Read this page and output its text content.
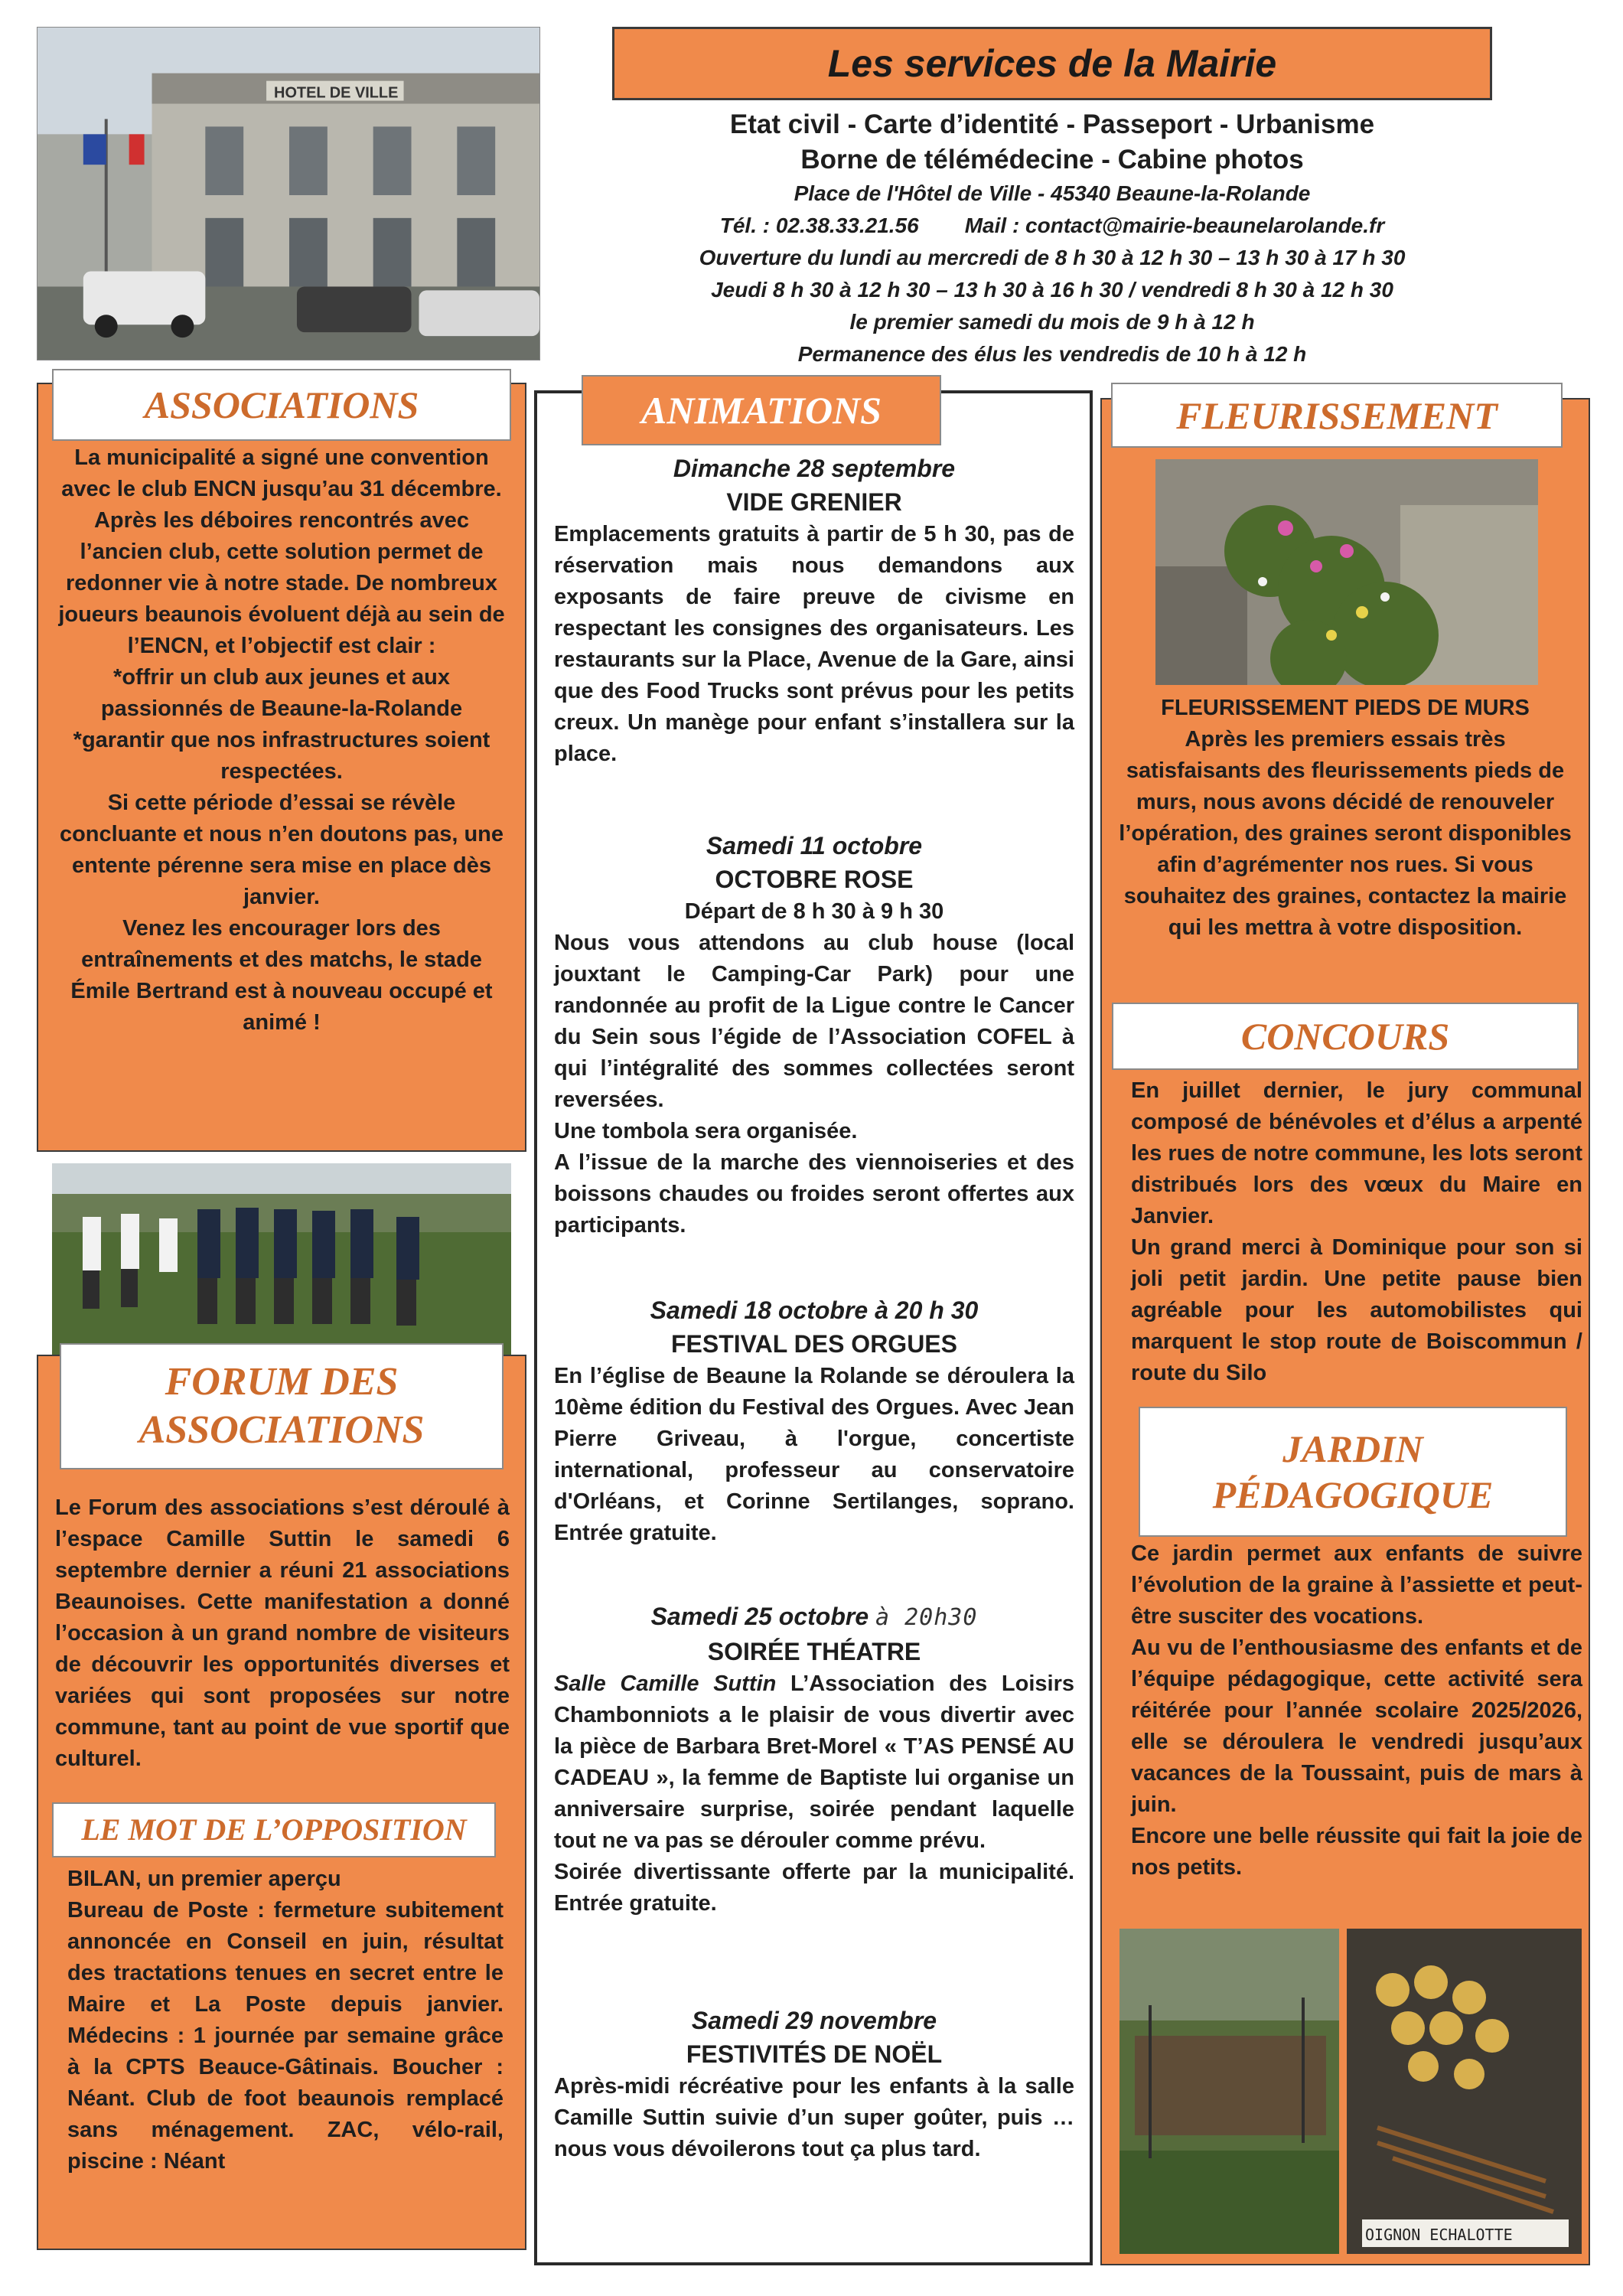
HOTEL DE VILLE
Les services de la Mairie
Etat civil - Carte d’identité - Passeport - Urbanisme
Borne de télémédecine - Cabine photos
Place de l'Hôtel de Ville - 45340 Beaune-la-Rolande
Tél. : 02.38.33.21.56 Mail : contact@mairie-beaunelarolande.fr
Ouverture du lundi au mercredi de 8 h 30 à 12 h 30 – 13 h 30 à 17 h 30
Jeudi 8 h 30 à 12 h 30 – 13 h 30 à 16 h 30 / vendredi 8 h 30 à 12 h 30
le premier samedi du mois de 9 h à 12 h
Permanence des élus les vendredis de 10 h à 12 h
ASSOCIATIONS

La municipalité a signé une convention avec le club ENCN jusqu’au 31 décembre.

Après les déboires rencontrés avec l’ancien club, cette solution permet de redonner vie à notre stade. De nombreux joueurs beaunois évoluent déjà au sein de l’ENCN, et l’objectif est clair :

*offrir un club aux jeunes et aux passionnés de Beaune-la-Rolande

*garantir que nos infrastructures soient respectées.

Si cette période d’essai se révèle concluante et nous n’en doutons pas, une entente pérenne sera mise en place dès janvier.

Venez les encourager lors des entraînements et des matchs, le stade Émile Bertrand est à nouveau occupé et animé !

FORUM DES
ASSOCIATIONS

Le Forum des associations s’est déroulé à l’espace Camille Suttin le samedi 6 septembre dernier a réuni 21 associations Beaunoises. Cette manifestation a donné l’occasion à un grand nombre de visiteurs de découvrir les opportunités diverses et variées qui sont proposées sur notre commune, tant au point de vue sportif que culturel.

LE MOT DE L’OPPOSITION

BILAN, un premier aperçu

Bureau de Poste : fermeture subitement annoncée en Conseil en juin, résultat des tractations tenues en secret entre le Maire et La Poste depuis janvier. Médecins : 1 journée par semaine grâce à la CPTS Beauce-Gâtinais. Boucher : Néant. Club de foot beaunois remplacé sans ménagement. ZAC, vélo-rail, piscine : Néant

ANIMATIONS
Dimanche 28 septembre
VIDE GRENIER

Emplacements gratuits à partir de 5 h 30, pas de réservation mais nous demandons aux exposants de faire preuve de civisme en respectant les consignes des organisateurs. Les restaurants sur la Place, Avenue de la Gare, ainsi que des Food Trucks sont prévus pour les petits creux. Un manège pour enfant s’installera sur la place.

Samedi 11 octobre
OCTOBRE ROSE
Départ de 8 h 30 à 9 h 30

Nous vous attendons au club house (local jouxtant le Camping-Car Park) pour une randonnée au profit de la Ligue contre le Cancer du Sein sous l’égide de l’Association COFEL à qui l’intégralité des sommes collectées seront reversées.

Une tombola sera organisée.

A l’issue de la marche des viennoiseries et des boissons chaudes ou froides seront offertes aux participants.

Samedi 18 octobre à 20 h 30
FESTIVAL DES ORGUES

En l’église de Beaune la Rolande se déroulera la 10ème édition du Festival des Orgues. Avec Jean Pierre Griveau, à l'orgue, concertiste international, professeur au conservatoire d'Orléans, et Corinne Sertilanges, soprano. Entrée gratuite.

Samedi 25 octobre à 20h30
SOIRÉE THÉATRE

Salle Camille Suttin L’Association des Loisirs Chambonniots a le plaisir de vous divertir avec la pièce de Barbara Bret-Morel « T’AS PENSÉ AU CADEAU », la femme de Baptiste lui organise un anniversaire surprise, soirée pendant laquelle tout ne va pas se dérouler comme prévu.

Soirée divertissante offerte par la municipalité. Entrée gratuite.

Samedi 29 novembre
FESTIVITÉS DE NOËL

Après-midi récréative pour les enfants à la salle Camille Suttin suivie d’un super goûter, puis … nous vous dévoilerons tout ça plus tard.

FLEURISSEMENT

FLEURISSEMENT PIEDS DE MURS

Après les premiers essais très satisfaisants des fleurissements pieds de murs, nous avons décidé de renouveler l’opération, des graines seront disponibles afin d’agrémenter nos rues. Si vous souhaitez des graines, contactez la mairie qui les mettra à votre disposition.

CONCOURS

En juillet dernier, le jury communal composé de bénévoles et d’élus a arpenté les rues de notre commune, les lots seront distribués lors des vœux du Maire en Janvier.

Un grand merci à Dominique pour son si joli petit jardin. Une petite pause bien agréable pour les automobilistes qui marquent le stop route de Boiscommun / route du Silo

JARDIN
PÉDAGOGIQUE

Ce jardin permet aux enfants de suivre l’évolution de la graine à l’assiette et peut-être susciter des vocations.

Au vu de l’enthousiasme des enfants et de l’équipe pédagogique, cette activité sera réitérée pour l’année scolaire 2025/2026, elle se déroulera le vendredi jusqu’aux vacances de la Toussaint, puis de mars à juin.

Encore une belle réussite qui fait la joie de nos petits.

OIGNON ECHALOTTE
